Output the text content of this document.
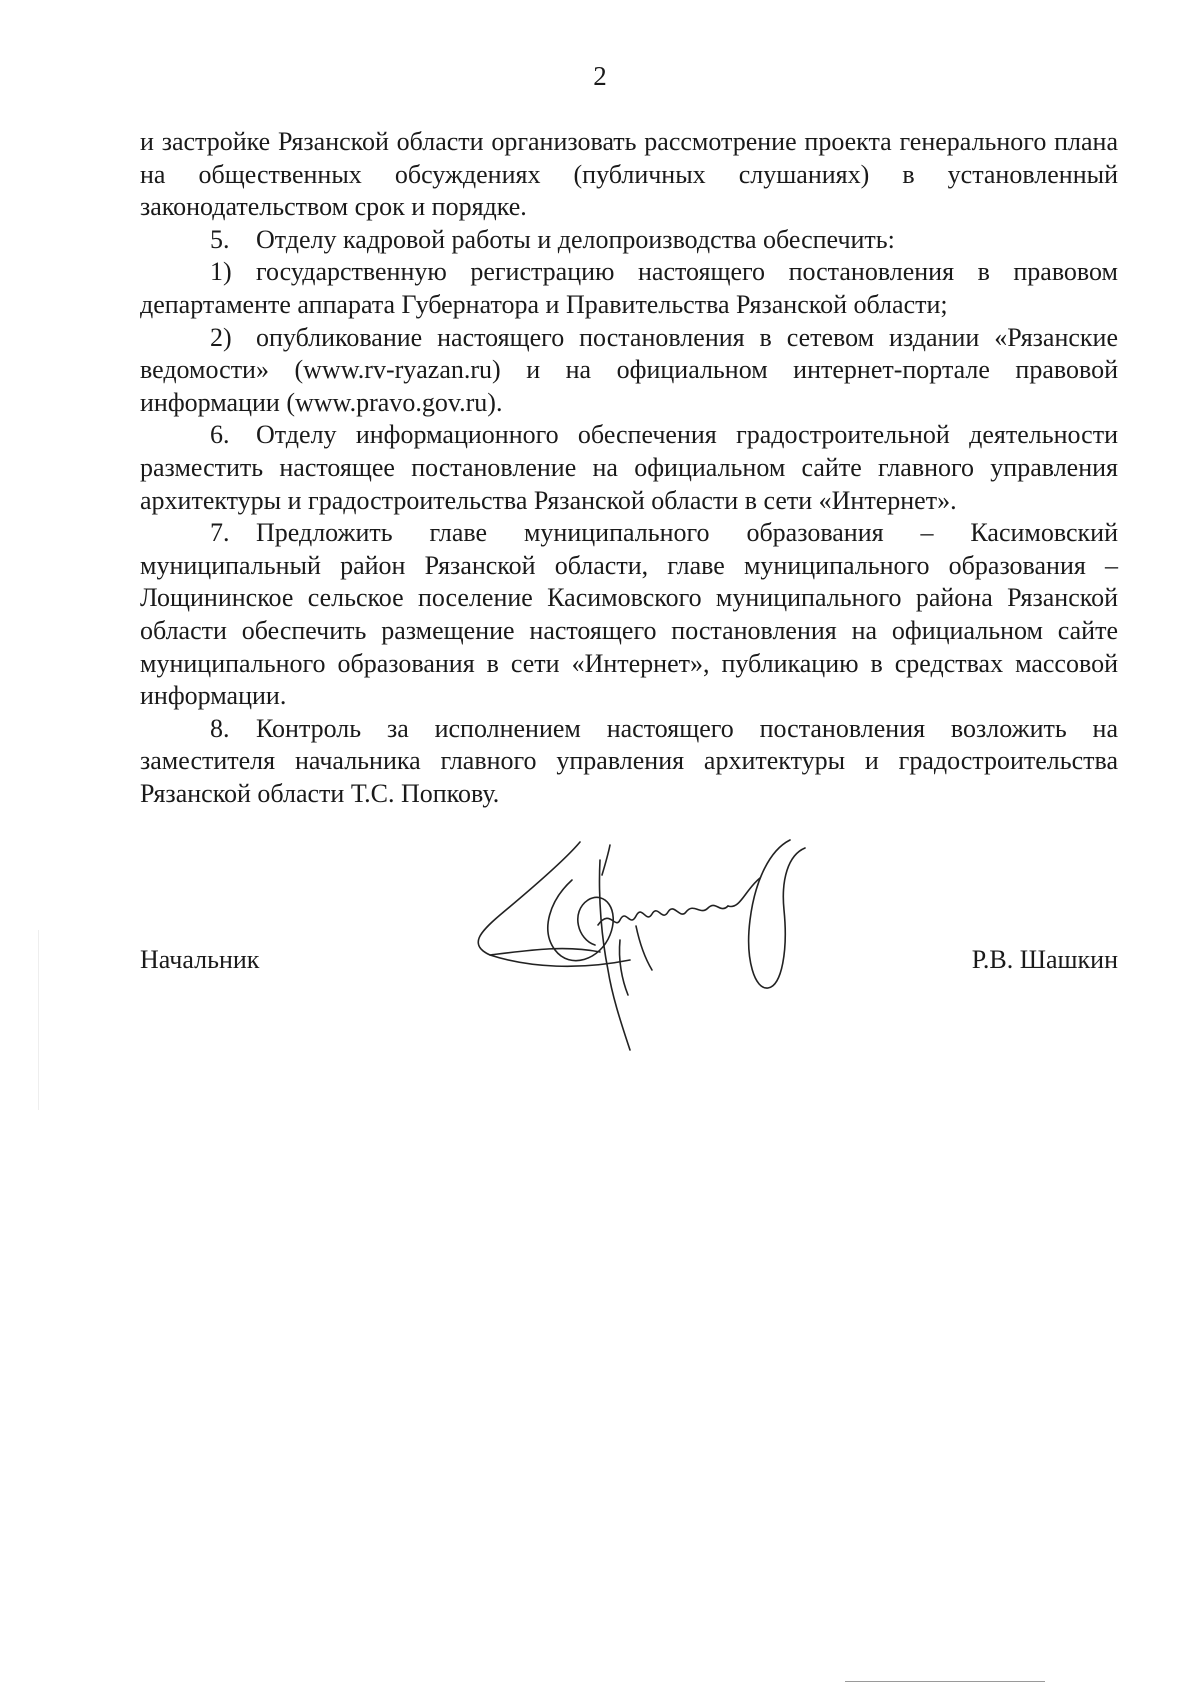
2

и застройке Рязанской области организовать рассмотрение проекта генерального плана на общественных обсуждениях (публичных слушаниях) в установленный законодательством срок и порядке.

5. Отделу кадровой работы и делопроизводства обеспечить:

1) государственную регистрацию настоящего постановления в правовом департаменте аппарата Губернатора и Правительства Рязанской области;

2) опубликование настоящего постановления в сетевом издании «Рязанские ведомости» (www.rv-ryazan.ru) и на официальном интернет-портале правовой информации (www.pravo.gov.ru).

6. Отделу информационного обеспечения градостроительной деятельности разместить настоящее постановление на официальном сайте главного управления архитектуры и градостроительства Рязанской области в сети «Интернет».

7. Предложить главе муниципального образования – Касимовский муниципальный район Рязанской области, главе муниципального образования – Лощининское сельское поселение Касимовского муниципального района Рязанской области обеспечить размещение настоящего постановления на официальном сайте муниципального образования в сети «Интернет», публикацию в средствах массовой информации.

8. Контроль за исполнением настоящего постановления возложить на заместителя начальника главного управления архитектуры и градостроительства Рязанской области Т.С. Попкову.

Начальник	Р.В. Шашкин
